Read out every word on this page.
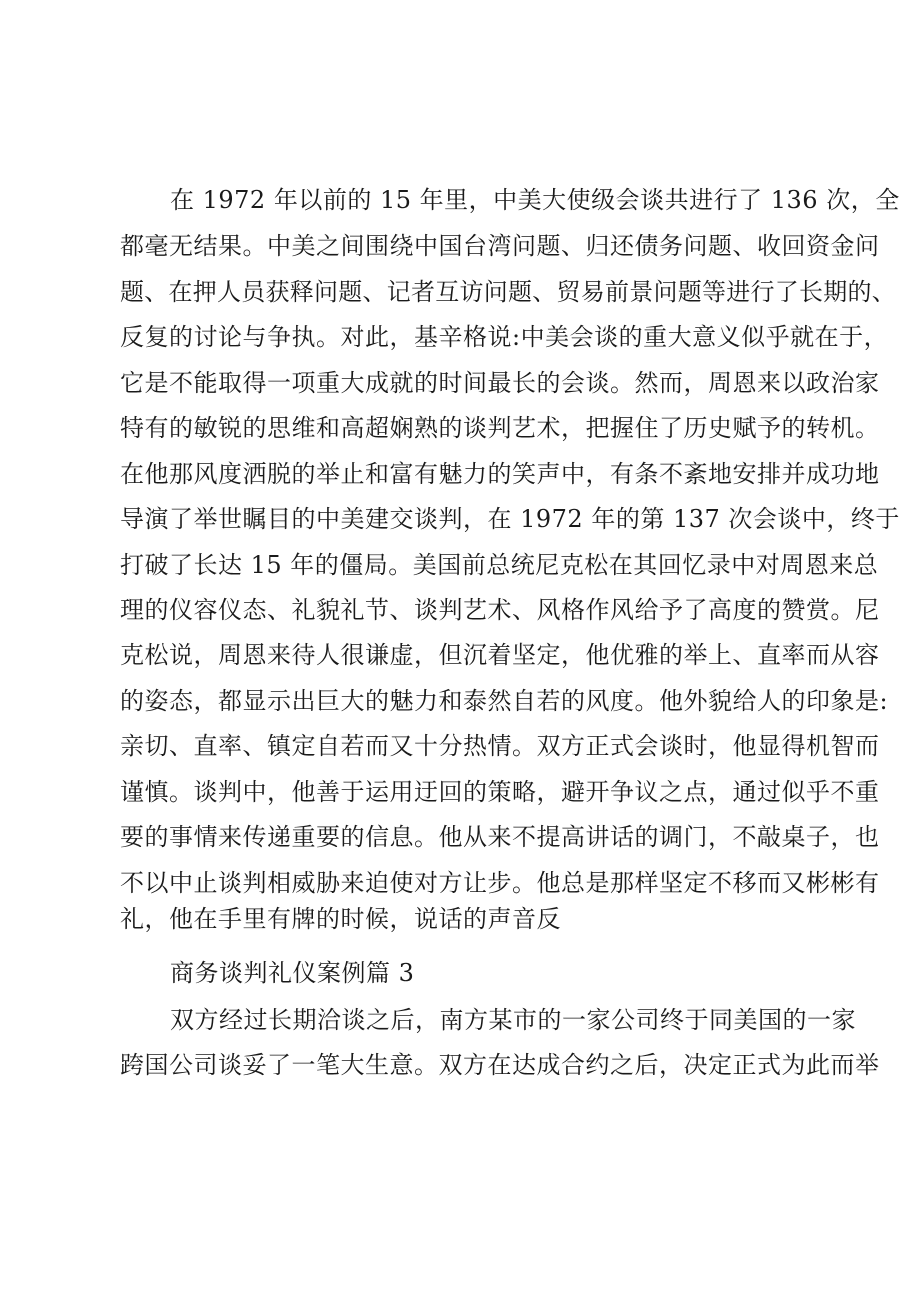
在 1972 年以前的 15 年里，中美大使级会谈共进行了 136 次，全
都毫无结果。中美之间围绕中国台湾问题、归还债务问题、收回资金问
题、在押人员获释问题、记者互访问题、贸易前景问题等进行了长期的、
反复的讨论与争执。对此，基辛格说:中美会谈的重大意义似乎就在于，
它是不能取得一项重大成就的时间最长的会谈。然而，周恩来以政治家
特有的敏锐的思维和高超娴熟的谈判艺术，把握住了历史赋予的转机。
在他那风度洒脱的举止和富有魅力的笑声中，有条不紊地安排并成功地
导演了举世瞩目的中美建交谈判，在 1972 年的第 137 次会谈中，终于
打破了长达 15 年的僵局。美国前总统尼克松在其回忆录中对周恩来总
理的仪容仪态、礼貌礼节、谈判艺术、风格作风给予了高度的赞赏。尼
克松说，周恩来待人很谦虚，但沉着坚定，他优雅的举上、直率而从容
的姿态，都显示出巨大的魅力和泰然自若的风度。他外貌给人的印象是:
亲切、直率、镇定自若而又十分热情。双方正式会谈时，他显得机智而
谨慎。谈判中，他善于运用迂回的策略，避开争议之点，通过似乎不重
要的事情来传递重要的信息。他从来不提高讲话的调门，不敲桌子，也
不以中止谈判相威胁来迫使对方让步。他总是那样坚定不移而又彬彬有
礼，他在手里有牌的时候，说话的声音反
商务谈判礼仪案例篇 3
双方经过长期洽谈之后，南方某市的一家公司终于同美国的一家
跨国公司谈妥了一笔大生意。双方在达成合约之后，决定正式为此而举
